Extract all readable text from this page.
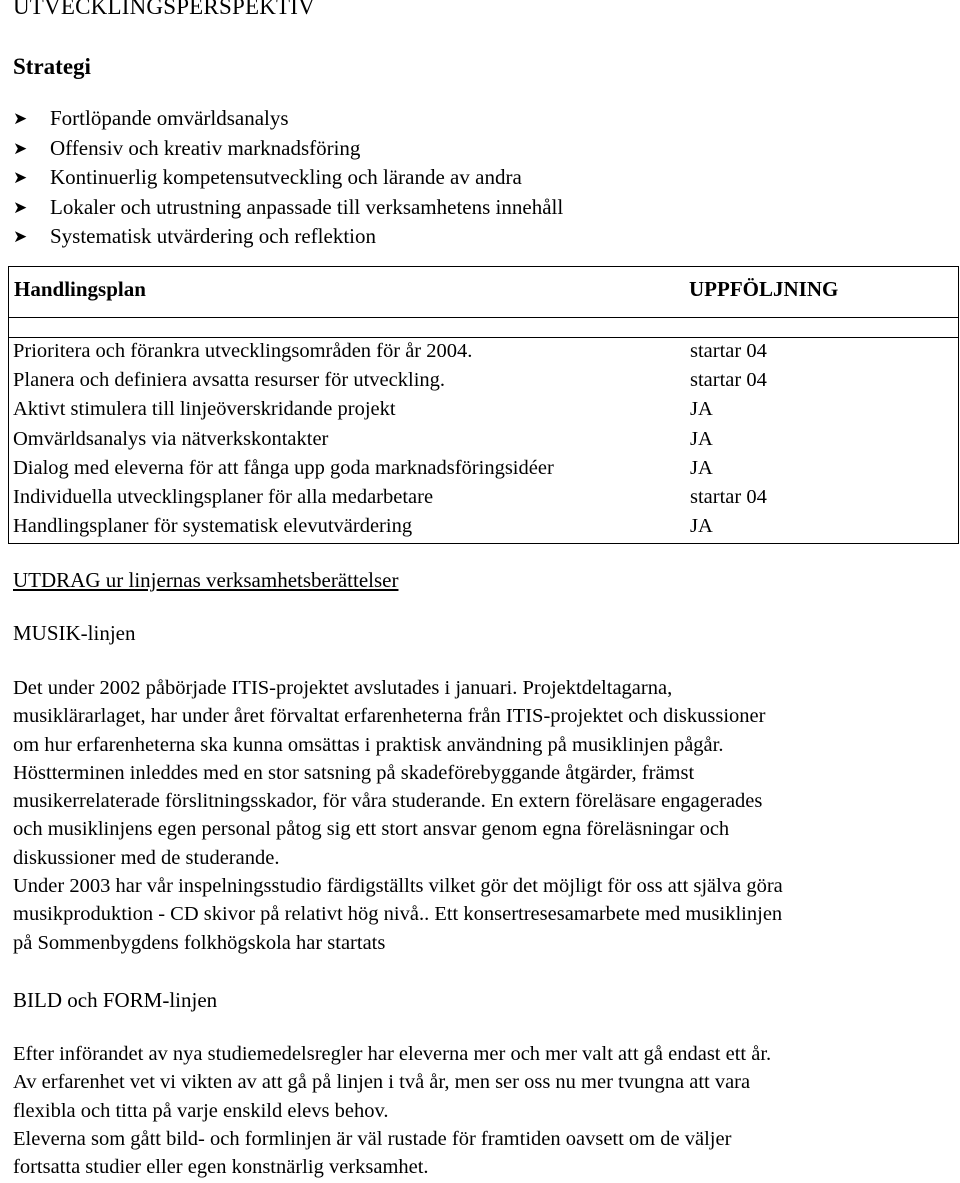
UTVECKLINGSPERSPEKTIV
Strategi
➤	Fortlöpande omvärldsanalys
➤	Offensiv och kreativ marknadsföring
➤	Kontinuerlig kompetensutveckling och lärande av andra
➤	Lokaler och utrustning anpassade till verksamhetens innehåll
➤	Systematisk utvärdering och reflektion
Handlingsplan	UPPFÖLJNING
Prioritera och förankra utvecklingsområden för år 2004.	startar 04
Planera och definiera avsatta resurser för utveckling.	startar 04
Aktivt stimulera till linjeöverskridande projekt	JA
Omvärldsanalys via nätverkskontakter	JA
Dialog med eleverna för att fånga upp goda marknadsföringsidéer	JA
Individuella utvecklingsplaner för alla medarbetare	startar 04
Handlingsplaner för systematisk elevutvärdering	JA
UTDRAG ur linjernas verksamhetsberättelser
MUSIK-linjen
Det under 2002 påbörjade ITIS-projektet avslutades i januari. Projektdeltagarna,
musiklärarlaget, har under året förvaltat erfarenheterna från ITIS-projektet och diskussioner
om hur erfarenheterna ska kunna omsättas i praktisk användning på musiklinjen pågår.
Höstterminen inleddes med en stor satsning på skadeförebyggande åtgärder, främst
musikerrelaterade förslitningsskador, för våra studerande. En extern föreläsare engagerades
och musiklinjens egen personal påtog sig ett stort ansvar genom egna föreläsningar och
diskussioner med de studerande.
Under 2003 har vår inspelningsstudio färdigställts vilket gör det möjligt för oss att själva göra
musikproduktion - CD skivor på relativt hög nivå.. Ett konsertresesamarbete med musiklinjen
på Sommenbygdens folkhögskola har startats
BILD och FORM-linjen
Efter införandet av nya studiemedelsregler har eleverna mer och mer valt att gå endast ett år.
Av erfarenhet vet vi vikten av att gå på linjen i två år, men ser oss nu mer tvungna att vara
flexibla och titta på varje enskild elevs behov.
Eleverna som gått bild- och formlinjen är väl rustade för framtiden oavsett om de väljer
fortsatta studier eller egen konstnärlig verksamhet.
